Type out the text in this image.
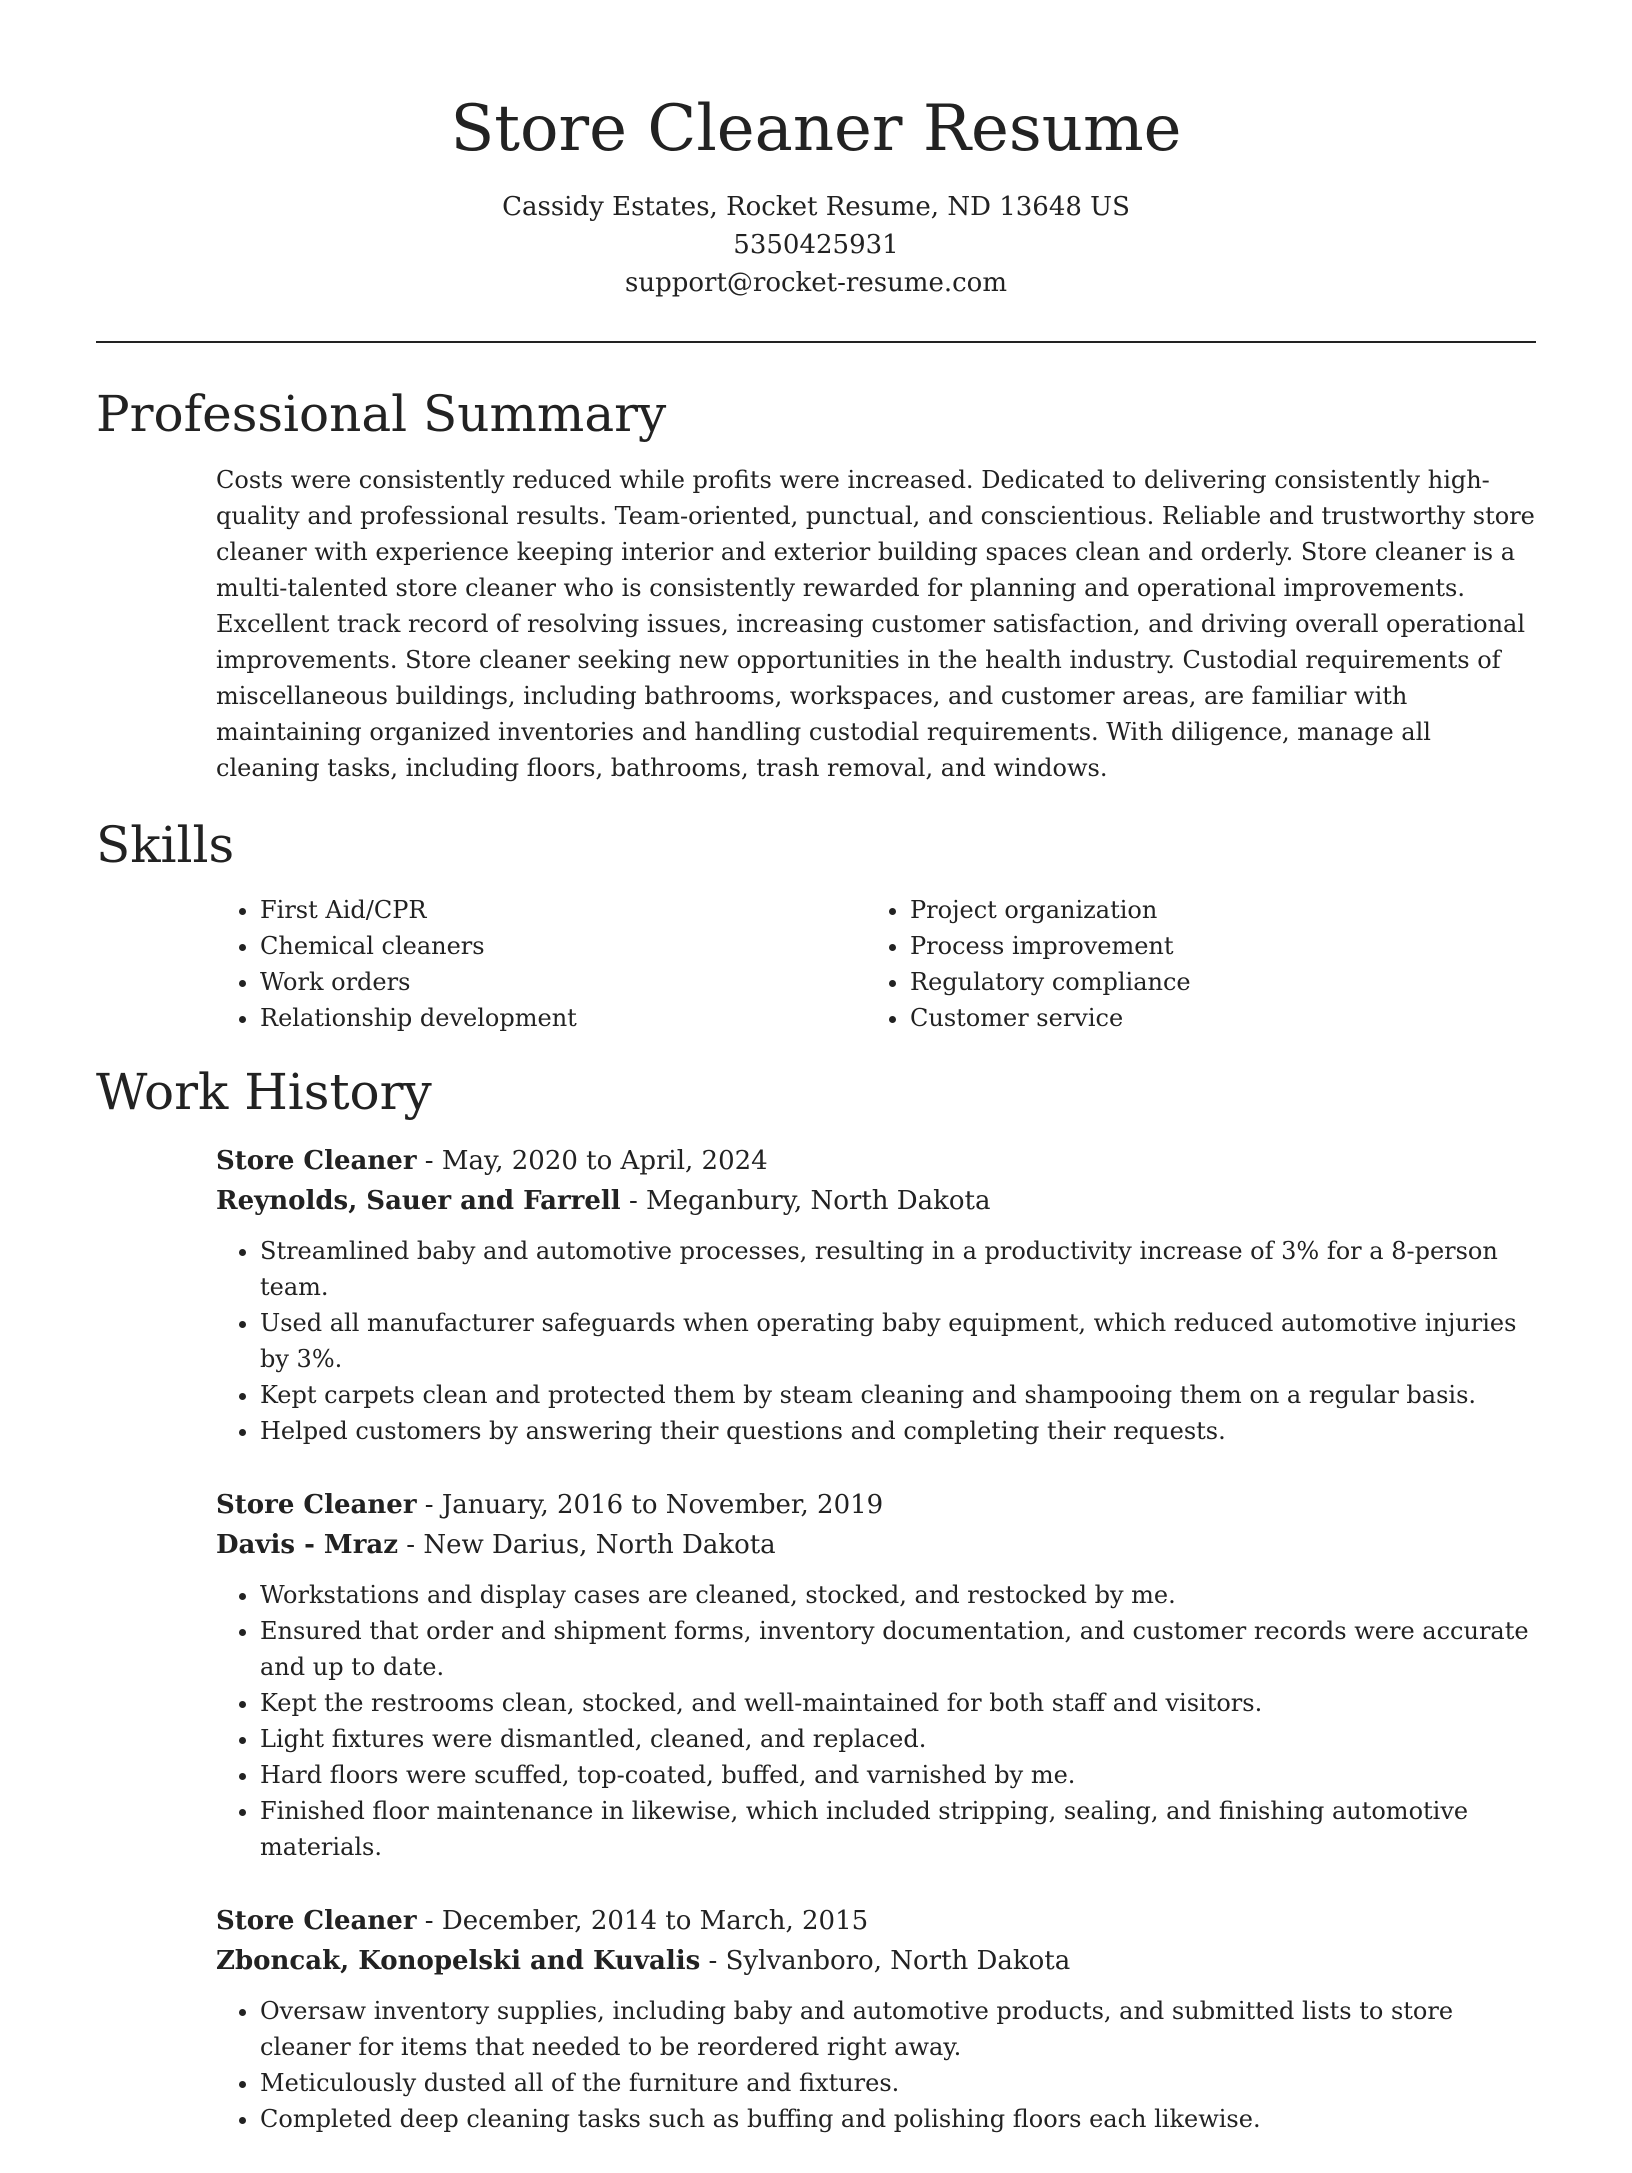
Store Cleaner Resume
Cassidy Estates, Rocket Resume, ND 13648 US
5350425931
support@rocket-resume.com
Professional Summary

Costs were consistently reduced while profits were increased. Dedicated to delivering consistently high-quality and professional results. Team-oriented, punctual, and conscientious. Reliable and trustworthy store cleaner with experience keeping interior and exterior building spaces clean and orderly. Store cleaner is a multi-talented store cleaner who is consistently rewarded for planning and operational improvements. Excellent track record of resolving issues, increasing customer satisfaction, and driving overall operational improvements. Store cleaner seeking new opportunities in the health industry. Custodial requirements of miscellaneous buildings, including bathrooms, workspaces, and customer areas, are familiar with maintaining organized inventories and handling custodial requirements. With diligence, manage all cleaning tasks, including floors, bathrooms, trash removal, and windows.

Skills
• First Aid/CPR
• Chemical cleaners
• Work orders
• Relationship development
• Project organization
• Process improvement
• Regulatory compliance
• Customer service
Work History
Store Cleaner - May, 2020 to April, 2024
Reynolds, Sauer and Farrell - Meganbury, North Dakota
• Streamlined baby and automotive processes, resulting in a productivity increase of 3% for a 8-person team.
• Used all manufacturer safeguards when operating baby equipment, which reduced automotive injuries by 3%.
• Kept carpets clean and protected them by steam cleaning and shampooing them on a regular basis.
• Helped customers by answering their questions and completing their requests.
Store Cleaner - January, 2016 to November, 2019
Davis - Mraz - New Darius, North Dakota
• Workstations and display cases are cleaned, stocked, and restocked by me.
• Ensured that order and shipment forms, inventory documentation, and customer records were accurate and up to date.
• Kept the restrooms clean, stocked, and well-maintained for both staff and visitors.
• Light fixtures were dismantled, cleaned, and replaced.
• Hard floors were scuffed, top-coated, buffed, and varnished by me.
• Finished floor maintenance in likewise, which included stripping, sealing, and finishing automotive materials.
Store Cleaner - December, 2014 to March, 2015
Zboncak, Konopelski and Kuvalis - Sylvanboro, North Dakota
• Oversaw inventory supplies, including baby and automotive products, and submitted lists to store cleaner for items that needed to be reordered right away.
• Meticulously dusted all of the furniture and fixtures.
• Completed deep cleaning tasks such as buffing and polishing floors each likewise.
